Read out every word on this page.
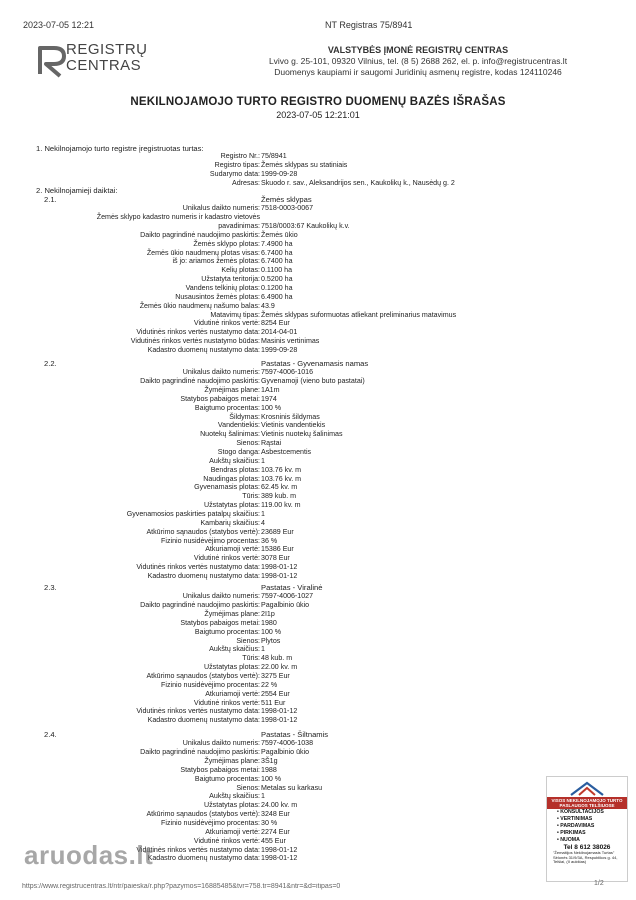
2023-07-05 12:21	NT Registras 75/8941
REGISTRŲ
CENTRAS
VALSTYBĖS ĮMONĖ REGISTRŲ CENTRAS
Lvivo g. 25-101, 09320 Vilnius, tel. (8 5) 2688 262, el. p. info@registrucentras.lt
Duomenys kaupiami ir saugomi Juridinių asmenų registre, kodas 124110246
NEKILNOJAMOJO TURTO REGISTRO DUOMENŲ BAZĖS IŠRAŠAS
2023-07-05 12:21:01
1. Nekilnojamojo turto registre įregistruotas turtas:
Registro Nr.: 75/8941
Registro tipas: Žemės sklypas su statiniais
Sudarymo data: 1999-09-28
Adresas: Skuodo r. sav., Aleksandrijos sen., Kaukolikų k., Nausėdų g. 2
2. Nekilnojamieji daiktai:
2.1.	Žemės sklypas
Unikalus daikto numeris: 7518-0003-0067
Žemės sklypo kadastro numeris ir kadastro vietovės
pavadinimas: 7518/0003:67 Kaukolikų k.v.
Daikto pagrindinė naudojimo paskirtis: Žemės ūkio
Žemės sklypo plotas: 7.4900 ha
Žemės ūkio naudmenų plotas visas: 6.7400 ha
iš jo: ariamos žemės plotas: 6.7400 ha
Kelių plotas: 0.1100 ha
Užstatyta teritorija: 0.5200 ha
Vandens telkinių plotas: 0.1200 ha
Nusausintos žemės plotas: 6.4900 ha
Žemės ūkio naudmenų našumo balas: 43.9
Matavimų tipas: Žemės sklypas suformuotas atliekant preliminarius matavimus
Vidutinė rinkos vertė: 8254 Eur
Vidutinės rinkos vertės nustatymo data: 2014-04-01
Vidutinės rinkos vertės nustatymo būdas: Masinis vertinimas
Kadastro duomenų nustatymo data: 1999-09-28
2.2.	Pastatas - Gyvenamasis namas
Unikalus daikto numeris: 7597-4006-1016
Daikto pagrindinė naudojimo paskirtis: Gyvenamoji (vieno buto pastatai)
Žymėjimas plane: 1A1m
Statybos pabaigos metai: 1974
Baigtumo procentas: 100 %
Šildymas: Krosninis šildymas
Vandentiekis: Vietinis vandentiekis
Nuotekų šalinimas: Vietinis nuotekų šalinimas
Sienos: Rąstai
Stogo danga: Asbestcementis
Aukštų skaičius: 1
Bendras plotas: 103.76 kv. m
Naudingas plotas: 103.76 kv. m
Gyvenamasis plotas: 62.45 kv. m
Tūris: 389 kub. m
Užstatytas plotas: 119.00 kv. m
Gyvenamosios paskirties patalpų skaičius: 1
Kambarių skaičius: 4
Atkūrimo sąnaudos (statybos vertė): 23689 Eur
Fizinio nusidėvėjimo procentas: 36 %
Atkuriamoji vertė: 15386 Eur
Vidutinė rinkos vertė: 3078 Eur
Vidutinės rinkos vertės nustatymo data: 1998-01-12
Kadastro duomenų nustatymo data: 1998-01-12
2.3.	Pastatas - Viralinė
Unikalus daikto numeris: 7597-4006-1027
Daikto pagrindinė naudojimo paskirtis: Pagalbinio ūkio
Žymėjimas plane: 2I1p
Statybos pabaigos metai: 1980
Baigtumo procentas: 100 %
Sienos: Plytos
Aukštų skaičius: 1
Tūris: 48 kub. m
Užstatytas plotas: 22.00 kv. m
Atkūrimo sąnaudos (statybos vertė): 3275 Eur
Fizinio nusidėvėjimo procentas: 22 %
Atkuriamoji vertė: 2554 Eur
Vidutinė rinkos vertė: 511 Eur
Vidutinės rinkos vertės nustatymo data: 1998-01-12
Kadastro duomenų nustatymo data: 1998-01-12
2.4.	Pastatas - Šiltnamis
Unikalus daikto numeris: 7597-4006-1038
Daikto pagrindinė naudojimo paskirtis: Pagalbinio ūkio
Žymėjimas plane: 3Š1g
Statybos pabaigos metai: 1988
Baigtumo procentas: 100 %
Sienos: Metalas su karkasu
Aukštų skaičius: 1
Užstatytas plotas: 24.00 kv. m
Atkūrimo sąnaudos (statybos vertė): 3248 Eur
Fizinio nusidėvėjimo procentas: 30 %
Atkuriamoji vertė: 2274 Eur
Vidutinė rinkos vertė: 455 Eur
Vidutinės rinkos vertės nustatymo data: 1998-01-12
Kadastro duomenų nustatymo data: 1998-01-12
VISOS NEKILNOJAMOJO TURTO PASLAUGOS TELŠIUOSE
• KONSULTACIJOS
• VERTINIMAS
• PARDAVIMAS
• PIRKIMAS
• NUOMA
Tel 8 612 38026
"Žemaitijos Nekilnojamasis Turtas" Sėlonės 31/9/3A, Respublikos g. 44, Telšiai, (II aukštas)
aruodas.lt
https://www.registrucentras.lt/ntr/paieska/r.php?pazymos=16885485&tvr=758.tr=8941&ntr=&d=itipas=0	1/2
